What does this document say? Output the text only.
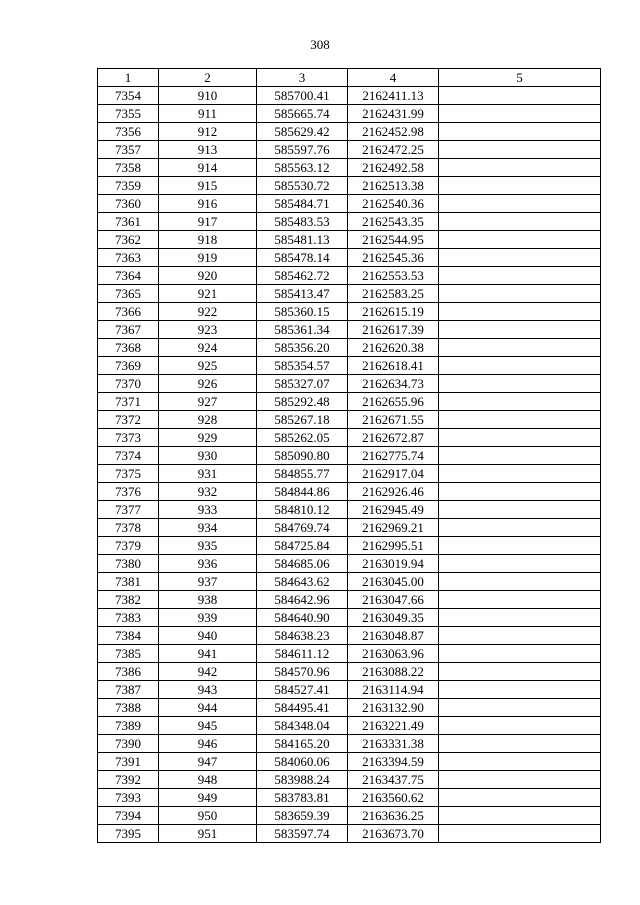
308
1	2	3	4	5
7354	910	585700.41	2162411.13	
7355	911	585665.74	2162431.99	
7356	912	585629.42	2162452.98	
7357	913	585597.76	2162472.25	
7358	914	585563.12	2162492.58	
7359	915	585530.72	2162513.38	
7360	916	585484.71	2162540.36	
7361	917	585483.53	2162543.35	
7362	918	585481.13	2162544.95	
7363	919	585478.14	2162545.36	
7364	920	585462.72	2162553.53	
7365	921	585413.47	2162583.25	
7366	922	585360.15	2162615.19	
7367	923	585361.34	2162617.39	
7368	924	585356.20	2162620.38	
7369	925	585354.57	2162618.41	
7370	926	585327.07	2162634.73	
7371	927	585292.48	2162655.96	
7372	928	585267.18	2162671.55	
7373	929	585262.05	2162672.87	
7374	930	585090.80	2162775.74	
7375	931	584855.77	2162917.04	
7376	932	584844.86	2162926.46	
7377	933	584810.12	2162945.49	
7378	934	584769.74	2162969.21	
7379	935	584725.84	2162995.51	
7380	936	584685.06	2163019.94	
7381	937	584643.62	2163045.00	
7382	938	584642.96	2163047.66	
7383	939	584640.90	2163049.35	
7384	940	584638.23	2163048.87	
7385	941	584611.12	2163063.96	
7386	942	584570.96	2163088.22	
7387	943	584527.41	2163114.94	
7388	944	584495.41	2163132.90	
7389	945	584348.04	2163221.49	
7390	946	584165.20	2163331.38	
7391	947	584060.06	2163394.59	
7392	948	583988.24	2163437.75	
7393	949	583783.81	2163560.62	
7394	950	583659.39	2163636.25	
7395	951	583597.74	2163673.70	
